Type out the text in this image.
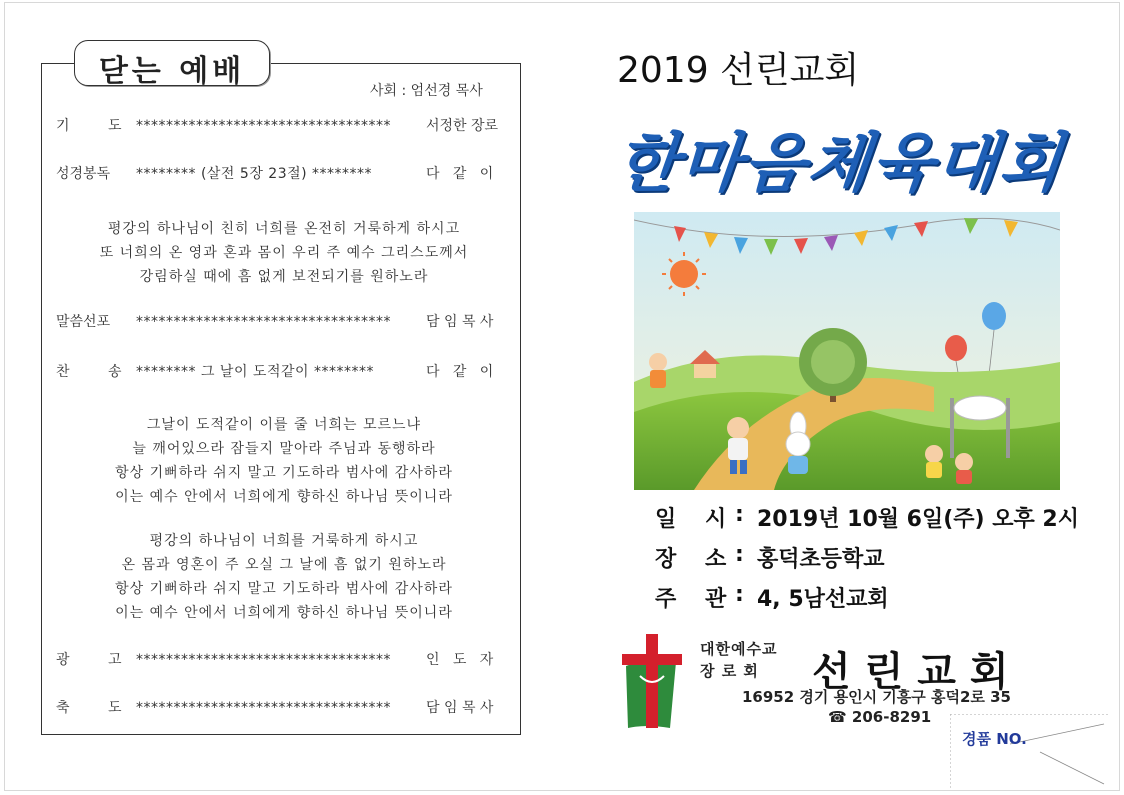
닫는 예배
사회 : 엄선경 목사
기	도 **********************************	서정한 장로
성경봉독 ******** (살전 5장 23절) ********	다   같   이
평강의 하나님이 친히 너희를 온전히 거룩하게 하시고
또 너희의 온 영과 혼과 몸이 우리 주 예수 그리스도께서
강림하실 때에 흠 없게 보전되기를 원하노라
말씀선포 **********************************	담 임 목 사
찬	송 ******** 그 날이 도적같이 ********	다   같   이
그날이 도적같이 이를 줄 너희는 모르느냐
늘 깨어있으라 잠들지 말아라 주님과 동행하라
항상 기뻐하라 쉬지 말고 기도하라 범사에 감사하라
이는 예수 안에서 너희에게 향하신 하나님 뜻이니라
평강의 하나님이 너희를 거룩하게 하시고
온 몸과 영혼이 주 오실 그 날에 흠 없기 원하노라
항상 기뻐하라 쉬지 말고 기도하라 범사에 감사하라
이는 예수 안에서 너희에게 향하신 하나님 뜻이니라
광	고 **********************************	인   도   자
축	도 **********************************	담 임 목 사
2019 선린교회
한마음체육대회
일 시 : 2019년 10월 6일(주) 오후 2시
장 소 : 홍덕초등학교
주 관 : 4, 5남선교회
대한예수교
장 로 회 선린교회
16952 경기 용인시 기흥구 홍덕2로 35
☎ 206-8291
경품 NO.
